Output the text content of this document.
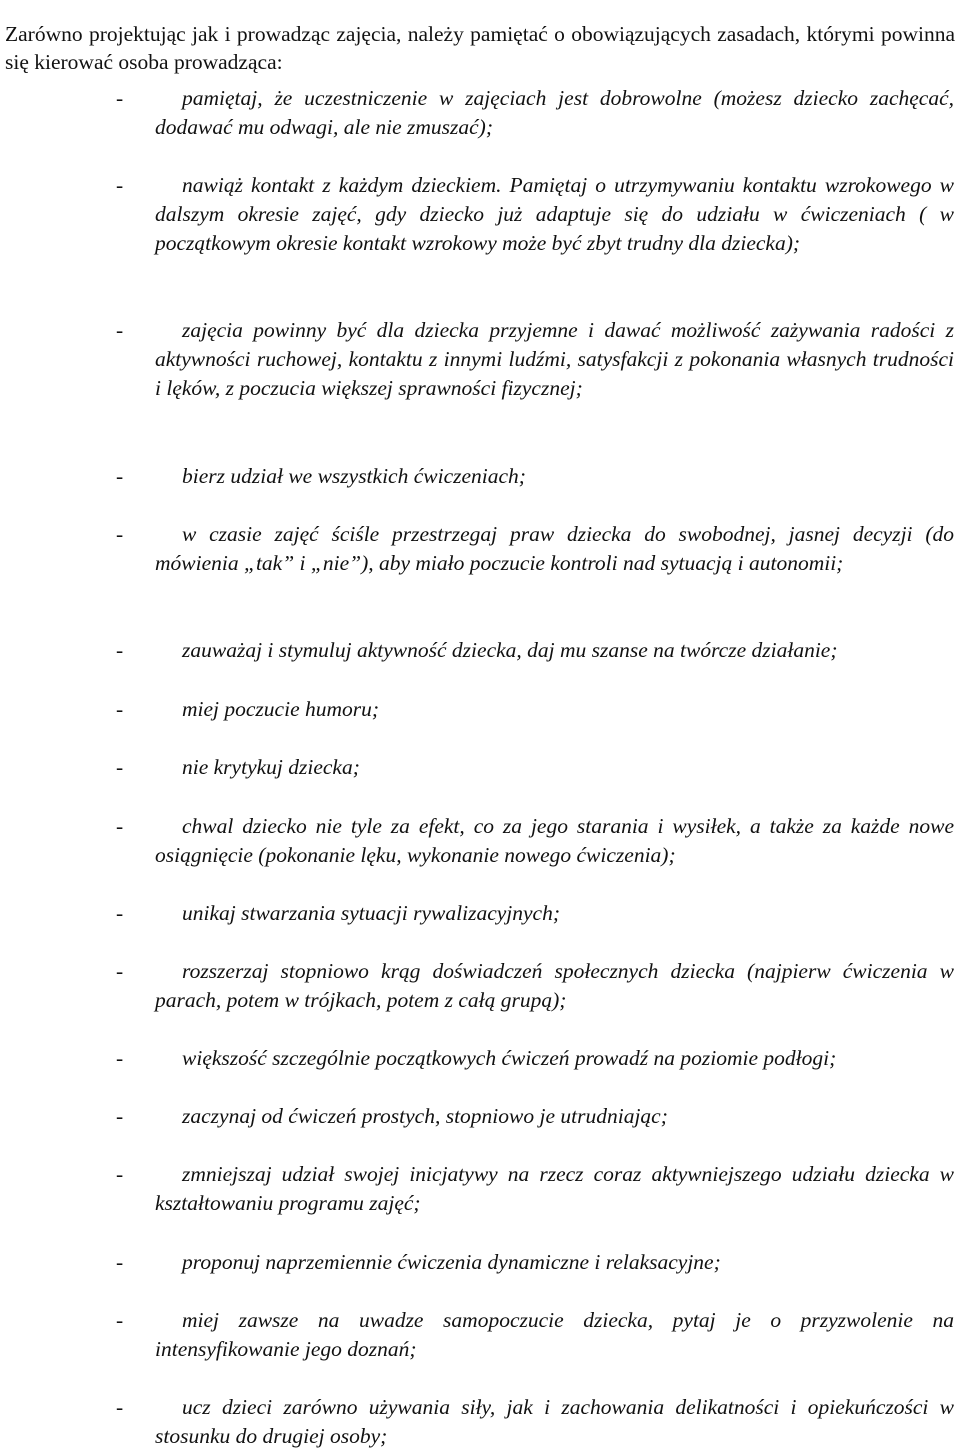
Zarówno projektując jak i prowadząc zajęcia, należy pamiętać o obowiązujących zasadach, którymi powinna się kierować osoba prowadząca:

-	pamiętaj, że uczestniczenie w zajęciach jest dobrowolne (możesz dziecko zachęcać, dodawać mu odwagi, ale nie zmuszać);
-	nawiąż kontakt z każdym dzieckiem. Pamiętaj o utrzymywaniu kontaktu wzrokowego w dalszym okresie zajęć, gdy dziecko już adaptuje się do udziału w ćwiczeniach ( w początkowym okresie kontakt wzrokowy może być zbyt trudny dla dziecka);
-	zajęcia powinny być dla dziecka przyjemne i dawać możliwość zażywania radości z aktywności ruchowej, kontaktu z innymi ludźmi, satysfakcji z pokonania własnych trudności i lęków, z poczucia większej sprawności fizycznej;
-	bierz udział we wszystkich ćwiczeniach;
-	w czasie zajęć ściśle przestrzegaj praw dziecka do swobodnej, jasnej decyzji (do mówienia „tak” i „nie”), aby miało poczucie kontroli nad sytuacją i autonomii;
-	zauważaj i stymuluj aktywność dziecka, daj mu szanse na twórcze działanie;
-	miej poczucie humoru;
-	nie krytykuj dziecka;
-	chwal dziecko nie tyle za efekt, co za jego starania i wysiłek, a także za każde nowe osiągnięcie (pokonanie lęku, wykonanie nowego ćwiczenia);
-	unikaj stwarzania sytuacji rywalizacyjnych;
-	rozszerzaj stopniowo krąg doświadczeń społecznych dziecka (najpierw ćwiczenia w parach, potem w trójkach, potem z całą grupą);
-	większość szczególnie początkowych ćwiczeń prowadź na poziomie podłogi;
-	zaczynaj od ćwiczeń prostych, stopniowo je utrudniając;
-	zmniejszaj udział swojej inicjatywy na rzecz coraz aktywniejszego udziału dziecka w kształtowaniu programu zajęć;
-	proponuj naprzemiennie ćwiczenia dynamiczne i relaksacyjne;
-	miej zawsze na uwadze samopoczucie dziecka, pytaj je o przyzwolenie na intensyfikowanie jego doznań;
-	ucz dzieci zarówno używania siły, jak i zachowania delikatności i opiekuńczości w stosunku do drugiej osoby;
